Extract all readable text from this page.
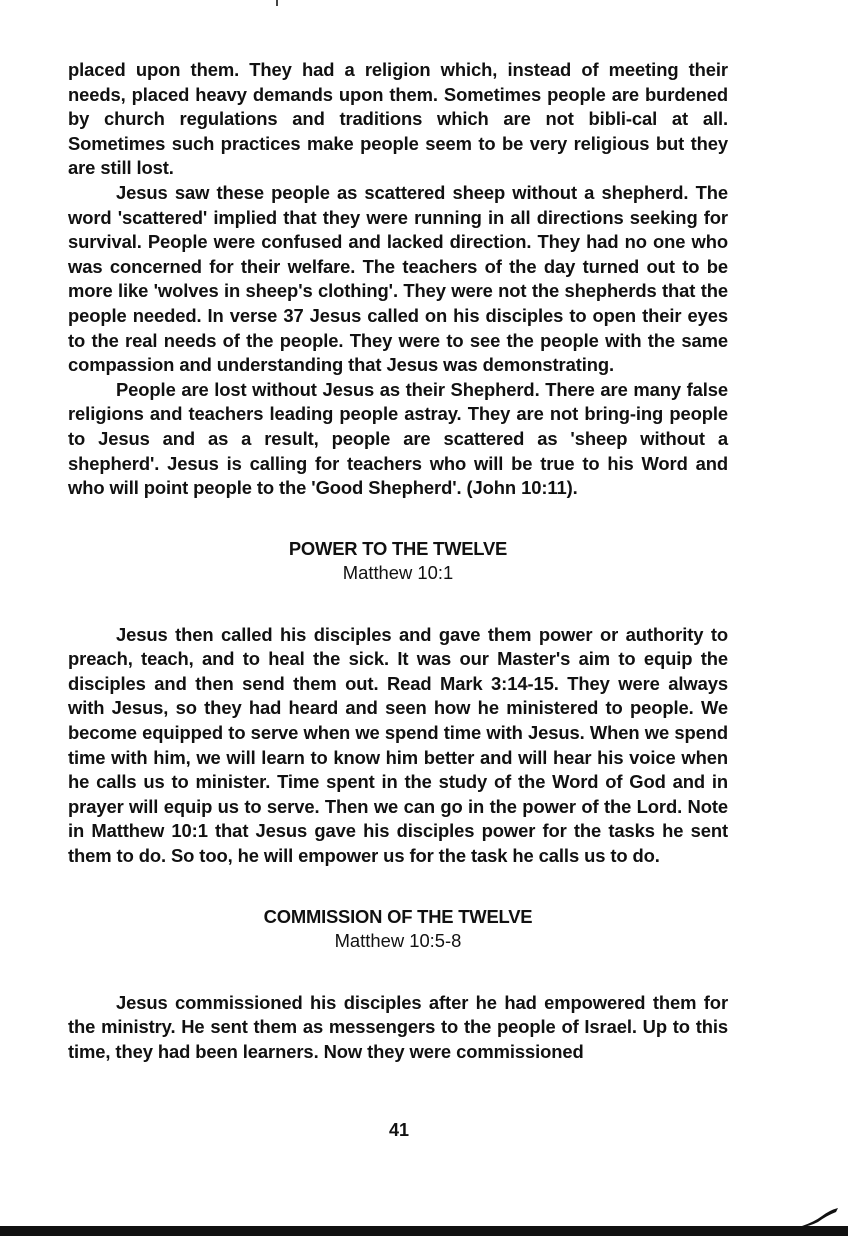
placed upon them. They had a religion which, instead of meeting their needs, placed heavy demands upon them. Sometimes people are burdened by church regulations and traditions which are not bibli-cal at all. Sometimes such practices make people seem to be very religious but they are still lost.

Jesus saw these people as scattered sheep without a shepherd. The word 'scattered' implied that they were running in all directions seeking for survival. People were confused and lacked direction. They had no one who was concerned for their welfare. The teachers of the day turned out to be more like 'wolves in sheep's clothing'. They were not the shepherds that the people needed. In verse 37 Jesus called on his disciples to open their eyes to the real needs of the people. They were to see the people with the same compassion and understanding that Jesus was demonstrating.

People are lost without Jesus as their Shepherd. There are many false religions and teachers leading people astray. They are not bring-ing people to Jesus and as a result, people are scattered as 'sheep without a shepherd'. Jesus is calling for teachers who will be true to his Word and who will point people to the 'Good Shepherd'. (John 10:11).

POWER TO THE TWELVE

Matthew 10:1

Jesus then called his disciples and gave them power or authority to preach, teach, and to heal the sick. It was our Master's aim to equip the disciples and then send them out. Read Mark 3:14-15. They were always with Jesus, so they had heard and seen how he ministered to people. We become equipped to serve when we spend time with Jesus. When we spend time with him, we will learn to know him better and will hear his voice when he calls us to minister. Time spent in the study of the Word of God and in prayer will equip us to serve. Then we can go in the power of the Lord. Note in Matthew 10:1 that Jesus gave his disciples power for the tasks he sent them to do. So too, he will empower us for the task he calls us to do.

COMMISSION OF THE TWELVE

Matthew 10:5-8

Jesus commissioned his disciples after he had empowered them for the ministry. He sent them as messengers to the people of Israel. Up to this time, they had been learners. Now they were commissioned

41
